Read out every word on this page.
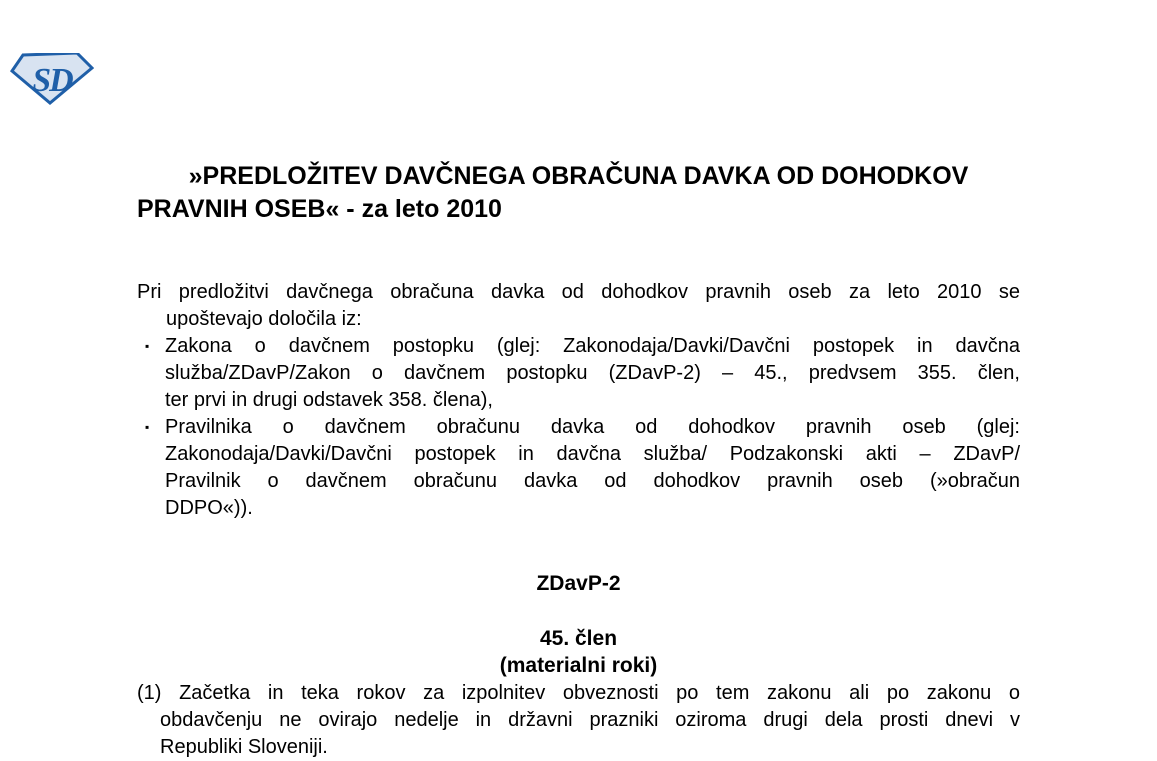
SD
»PREDLOŽITEV DAVČNEGA OBRAČUNA DAVKA OD DOHODKOV
PRAVNIH OSEB« - za leto 2010
Pri predložitvi davčnega obračuna davka od dohodkov pravnih oseb za leto 2010 se
upoštevajo določila iz:
▪ Zakona o davčnem postopku (glej: Zakonodaja/Davki/Davčni postopek in davčna
služba/ZDavP/Zakon o davčnem postopku (ZDavP-2) – 45., predvsem 355. člen,
ter prvi in drugi odstavek 358. člena),
▪ Pravilnika o davčnem obračunu davka od dohodkov pravnih oseb (glej:
Zakonodaja/Davki/Davčni postopek in davčna služba/ Podzakonski akti – ZDavP/
Pravilnik o davčnem obračunu davka od dohodkov pravnih oseb (»obračun
DDPO«)).
ZDavP-2
45. člen
(materialni roki)
(1) Začetka in teka rokov za izpolnitev obveznosti po tem zakonu ali po zakonu o
obdavčenju ne ovirajo nedelje in državni prazniki oziroma drugi dela prosti dnevi v
Republiki Sloveniji.
